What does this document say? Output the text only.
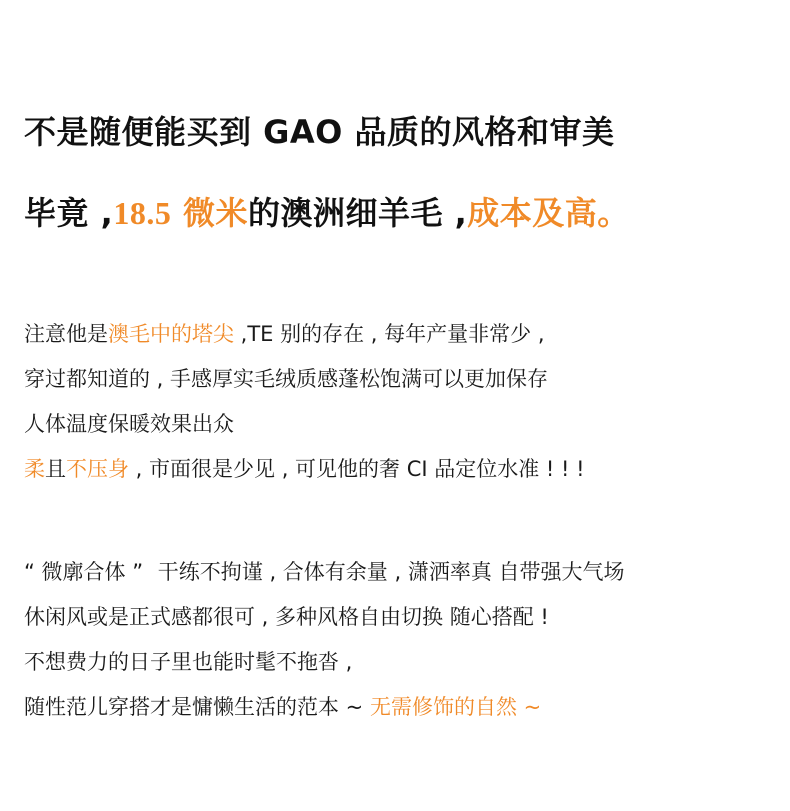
不是随便能买到 GAO 品质的风格和审美
毕竟 ,18.5 微米的澳洲细羊毛 ,成本及高。
注意他是澳毛中的塔尖 ,TE 别的存在 , 每年产量非常少 ,
穿过都知道的 , 手感厚实毛绒质感蓬松饱满可以更加保存
人体温度保暖效果出众
柔且不压身 , 市面很是少见 , 可见他的奢 CI 品定位水准 ! ! !
“ 微廓合体 ” 干练不拘谨 , 合体有余量 , 潇洒率真 自带强大气场
休闲风或是正式感都很可 , 多种风格自由切换 随心搭配 !
不想费力的日子里也能时髦不拖沓 ,
随性范儿穿搭才是慵懒生活的范本 ~ 无需修饰的自然 ~
